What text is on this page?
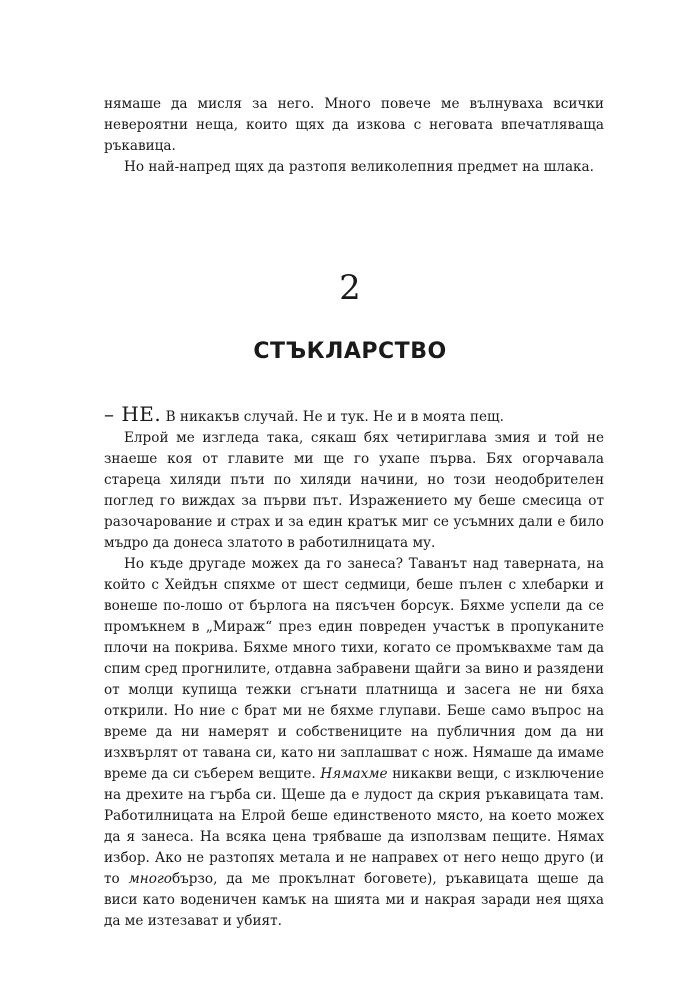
нямаше да мисля за него. Много повече ме вълнуваха всички невероятни неща, които щях да изкова с неговата впечатляваща ръкавица.

Но най-напред щях да разтопя великолепния предмет на шлака.

2
СТЪКЛАРСТВО

– НЕ. В никакъв случай. Не и тук. Не и в моята пещ.

Елрой ме изгледа така, сякаш бях четириглава змия и той не знаеше коя от главите ми ще го ухапе първа. Бях огорчавала стареца хиляди пъти по хиляди начини, но този неодобрителен поглед го виждах за първи път. Изражението му беше смесица от разочарование и страх и за един кратък миг се усъмних дали е било мъдро да донеса златото в работилницата му.

Но къде другаде можех да го занеса? Таванът над таверната, на който с Хейдън спяхме от шест седмици, беше пълен с хлебарки и вонеше по-лошо от бърлога на пясъчен борсук. Бяхме успели да се промъкнем в „Мираж“ през един повреден участък в пропуканите плочи на покрива. Бяхме много тихи, когато се промъквахме там да спим сред прогнилите, отдавна забравени щайги за вино и разядени от молци купища тежки сгънати платнища и засега не ни бяха открили. Но ние с брат ми не бяхме глупави. Беше само въпрос на време да ни намерят и собствениците на публичния дом да ни изхвърлят от тавана си, като ни заплашват с нож. Нямаше да имаме време да си съберем вещите. Нямахме никакви вещи, с изключение на дрехите на гърба си. Щеше да е лудост да скрия ръкавицата там. Работилницата на Елрой беше единственото място, на което можех да я занеса. На всяка цена трябваше да използвам пещите. Нямах избор. Ако не разтопях метала и не направех от него нещо друго (и то многобързо, да ме прокълнат боговете), ръкавицата щеше да виси като воденичен камък на шията ми и накрая заради нея щяха да ме изтезават и убият.
